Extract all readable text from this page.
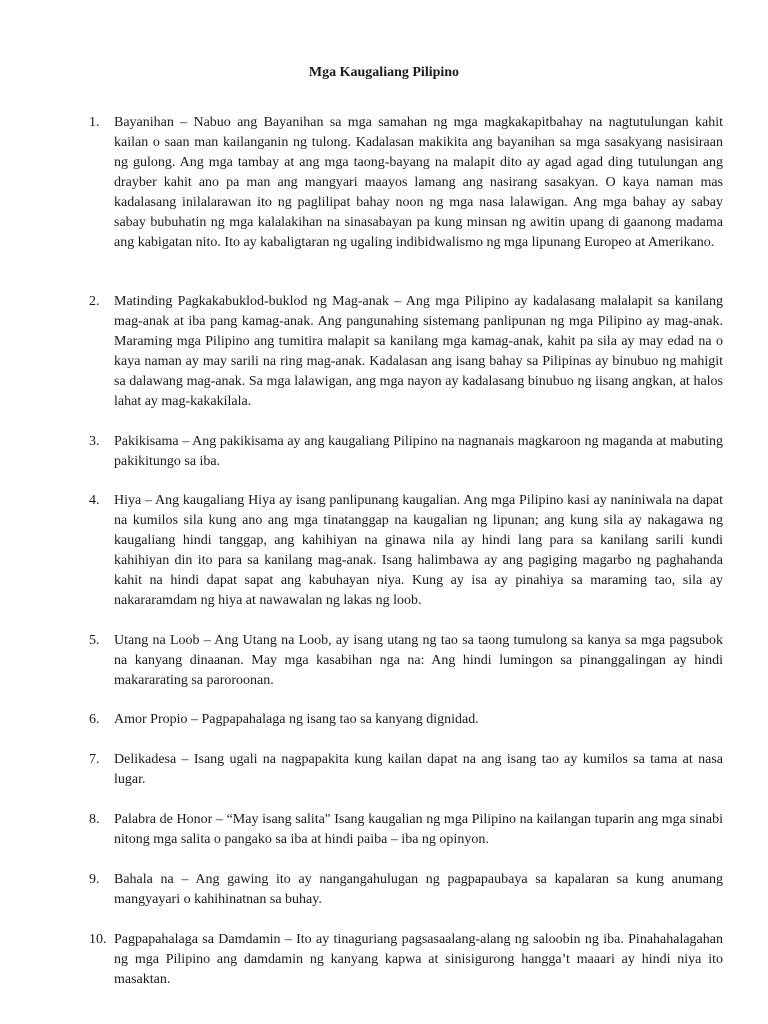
Mga Kaugaliang Pilipino
1.	Bayanihan – Nabuo ang Bayanihan sa mga samahan ng mga magkakapitbahay na nagtutulungan kahit kailan o saan man kailanganin ng tulong. Kadalasan makikita ang bayanihan sa mga sasakyang nasisiraan ng gulong. Ang mga tambay at ang mga taong-bayang na malapit dito ay agad agad ding tutulungan ang drayber kahit ano pa man ang mangyari maayos lamang ang nasirang sasakyan. O kaya naman mas kadalasang inilalarawan ito ng paglilipat bahay noon ng mga nasa lalawigan. Ang mga bahay ay sabay sabay bubuhatin ng mga kalalakihan na sinasabayan pa kung minsan ng awitin upang di gaanong madama ang kabigatan nito. Ito ay kabaligtaran ng ugaling indibidwalismo ng mga lipunang Europeo at Amerikano.
2.	Matinding Pagkakabuklod-buklod ng Mag-anak – Ang mga Pilipino ay kadalasang malalapit sa kanilang mag-anak at iba pang kamag-anak. Ang pangunahing sistemang panlipunan ng mga Pilipino ay mag-anak. Maraming mga Pilipino ang tumitira malapit sa kanilang mga kamag-anak, kahit pa sila ay may edad na o kaya naman ay may sarili na ring mag-anak. Kadalasan ang isang bahay sa Pilipinas ay binubuo ng mahigit sa dalawang mag-anak. Sa mga lalawigan, ang mga nayon ay kadalasang binubuo ng iisang angkan, at halos lahat ay mag-kakakilala.
3.	Pakikisama – Ang pakikisama ay ang kaugaliang Pilipino na nagnanais magkaroon ng maganda at mabuting pakikitungo sa iba.
4.	Hiya – Ang kaugaliang Hiya ay isang panlipunang kaugalian. Ang mga Pilipino kasi ay naniniwala na dapat na kumilos sila kung ano ang mga tinatanggap na kaugalian ng lipunan; ang kung sila ay nakagawa ng kaugaliang hindi tanggap, ang kahihiyan na ginawa nila ay hindi lang para sa kanilang sarili kundi kahihiyan din ito para sa kanilang mag-anak. Isang halimbawa ay ang pagiging magarbo ng paghahanda kahit na hindi dapat sapat ang kabuhayan niya. Kung ay isa ay pinahiya sa maraming tao, sila ay nakararamdam ng hiya at nawawalan ng lakas ng loob.
5.	Utang na Loob – Ang Utang na Loob, ay isang utang ng tao sa taong tumulong sa kanya sa mga pagsubok na kanyang dinaanan. May mga kasabihan nga na: Ang hindi lumingon sa pinanggalingan ay hindi makararating sa paroroonan.
6.	Amor Propio – Pagpapahalaga ng isang tao sa kanyang dignidad.
7.	Delikadesa – Isang ugali na nagpapakita kung kailan dapat na ang isang tao ay kumilos sa tama at nasa lugar.
8.	Palabra de Honor – “May isang salita" Isang kaugalian ng mga Pilipino na kailangan tuparin ang mga sinabi nitong mga salita o pangako sa iba at hindi paiba – iba ng opinyon.
9.	Bahala na – Ang gawing ito ay nangangahulugan ng pagpapaubaya sa kapalaran sa kung anumang mangyayari o kahihinatnan sa buhay.
10. Pagpapahalaga sa Damdamin – Ito ay tinaguriang pagsasaalang-alang ng saloobin ng iba. Pinahahalagahan ng mga Pilipino ang damdamin ng kanyang kapwa at sinisigurong hangga’t maaari ay hindi niya ito masaktan.
